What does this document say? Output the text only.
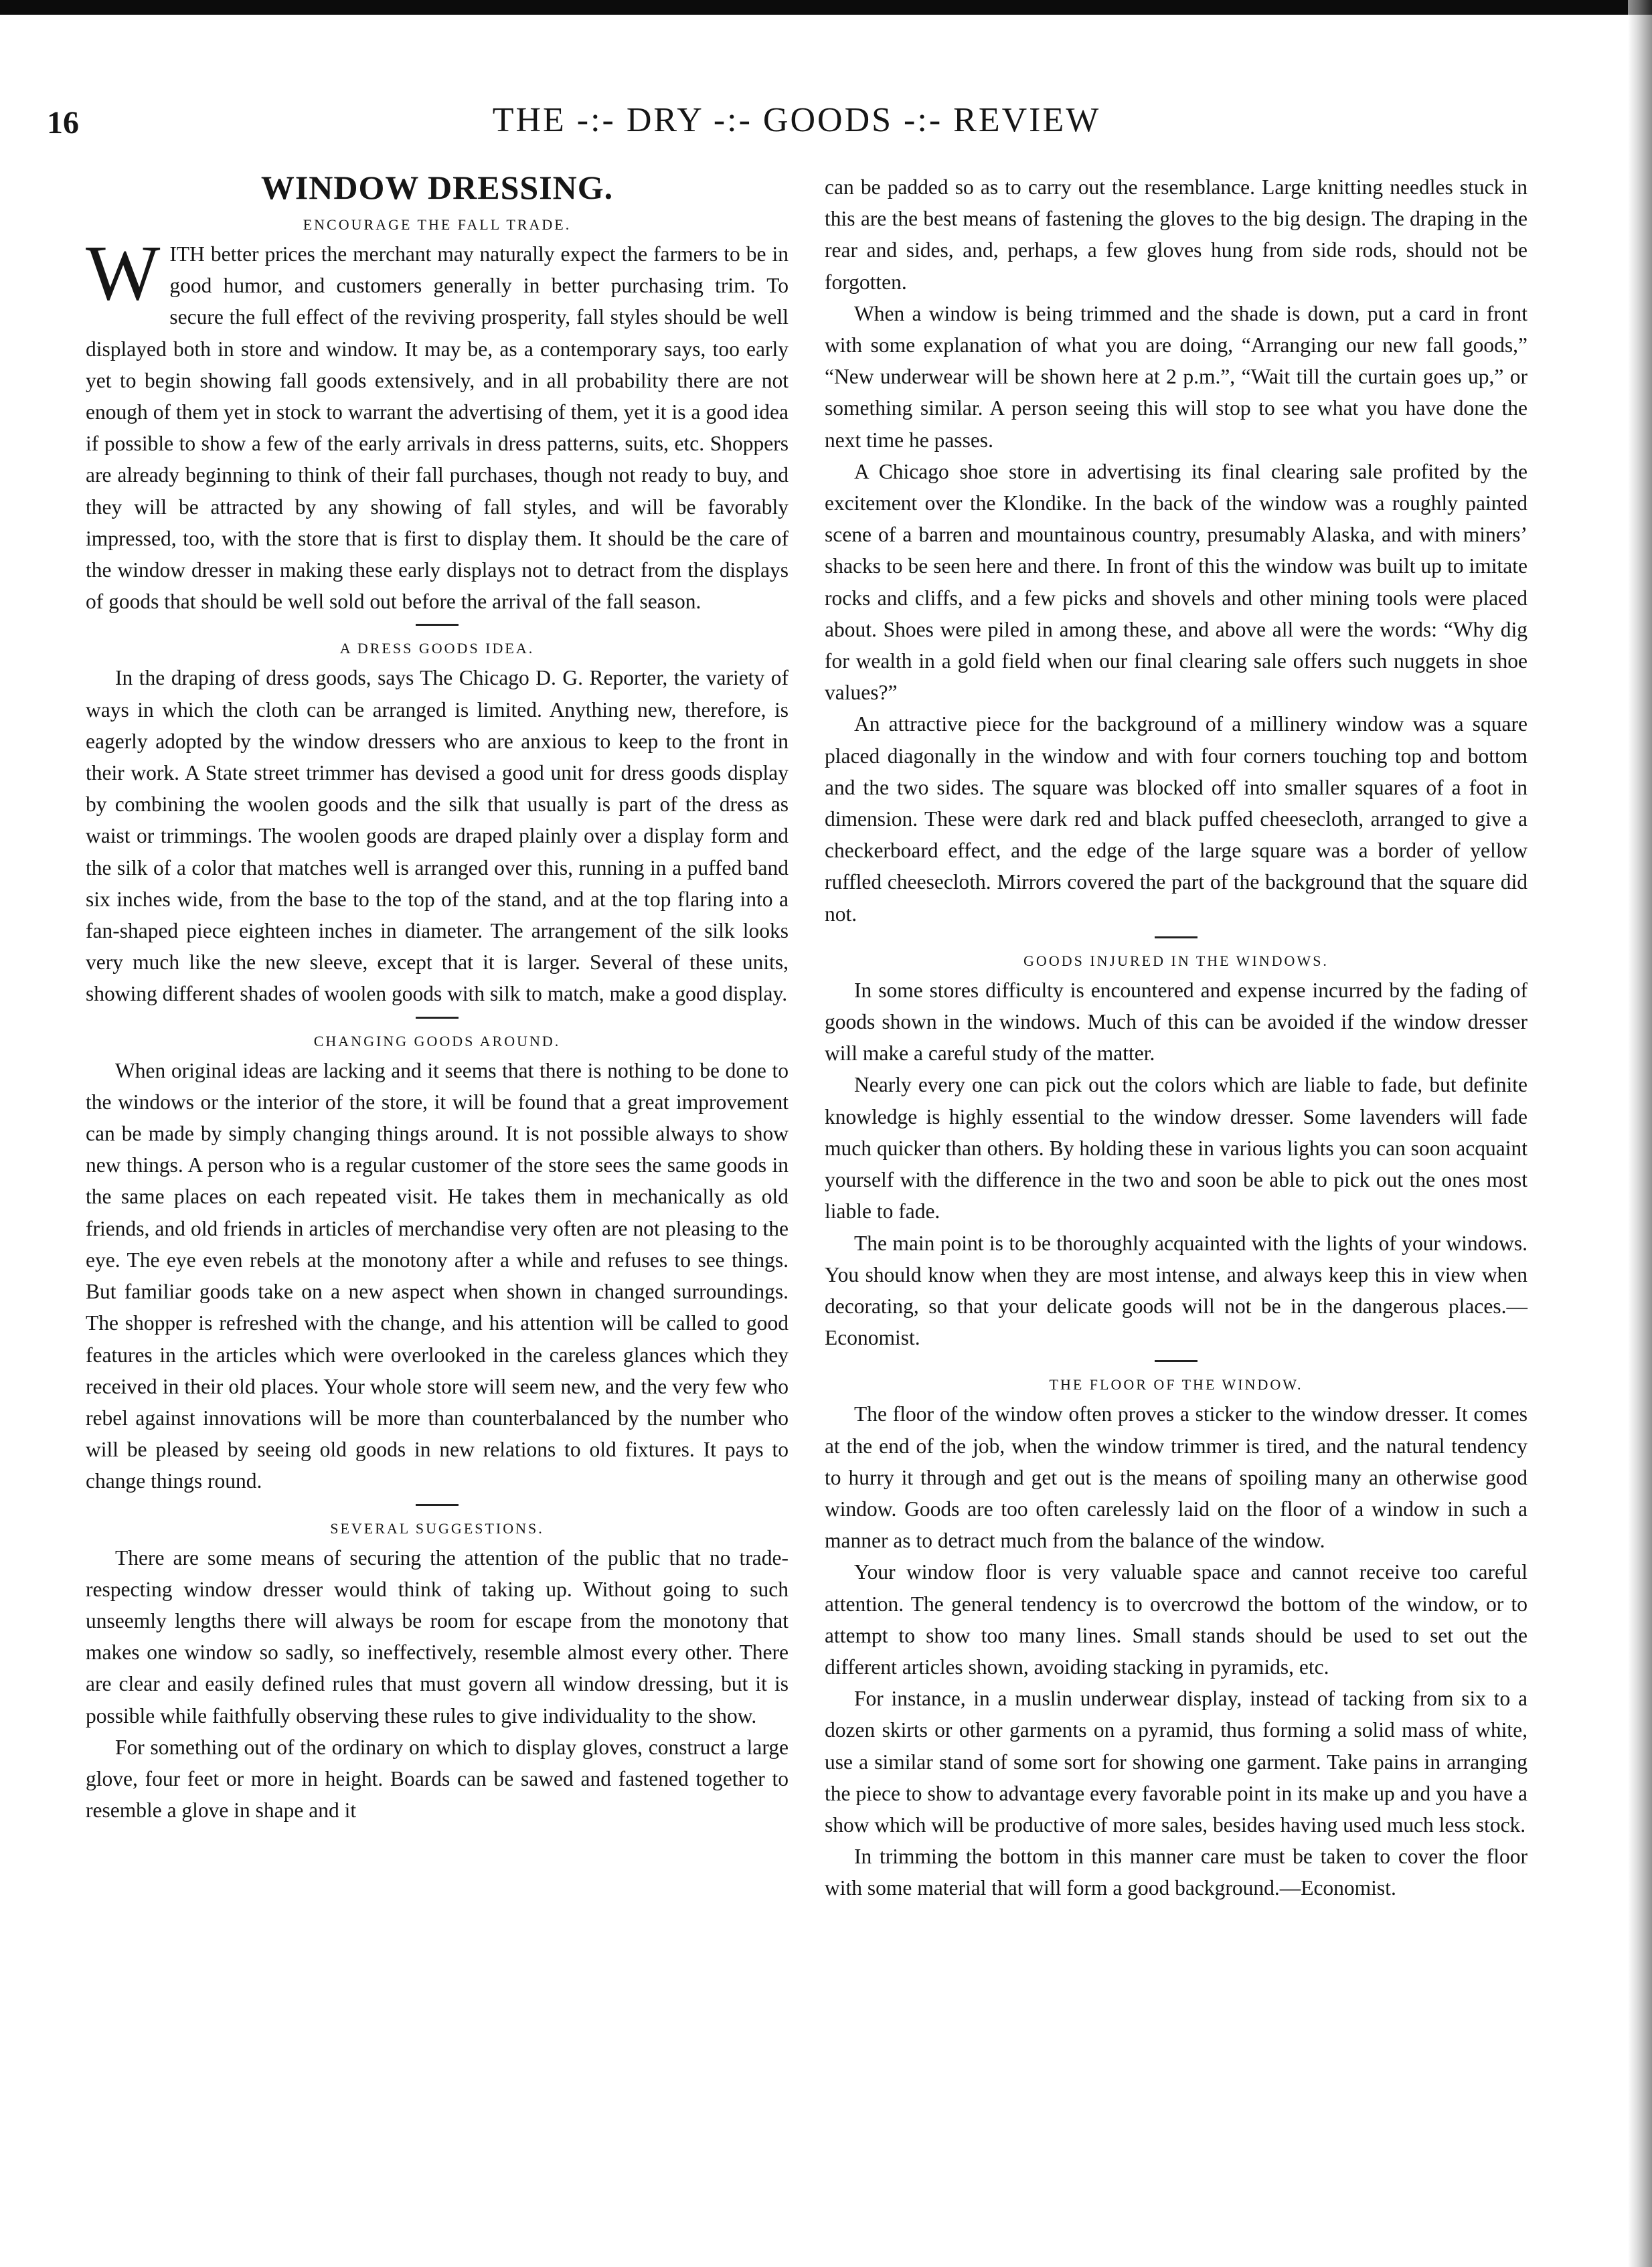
16	THE -:- DRY -:- GOODS -:- REVIEW
WINDOW DRESSING.
ENCOURAGE THE FALL TRADE.

WITH better prices the merchant may naturally expect the farmers to be in good humor, and customers generally in better purchasing trim. To secure the full effect of the reviving prosperity, fall styles should be well displayed both in store and window. It may be, as a contemporary says, too early yet to begin showing fall goods extensively, and in all probability there are not enough of them yet in stock to warrant the advertising of them, yet it is a good idea if possible to show a few of the early arrivals in dress patterns, suits, etc. Shoppers are already beginning to think of their fall purchases, though not ready to buy, and they will be attracted by any showing of fall styles, and will be favorably impressed, too, with the store that is first to display them. It should be the care of the window dresser in making these early displays not to detract from the displays of goods that should be well sold out before the arrival of the fall season.

A DRESS GOODS IDEA.

In the draping of dress goods, says The Chicago D. G. Reporter, the variety of ways in which the cloth can be arranged is limited. Anything new, therefore, is eagerly adopted by the window dressers who are anxious to keep to the front in their work. A State street trimmer has devised a good unit for dress goods display by combining the woolen goods and the silk that usually is part of the dress as waist or trimmings. The woolen goods are draped plainly over a display form and the silk of a color that matches well is arranged over this, running in a puffed band six inches wide, from the base to the top of the stand, and at the top flaring into a fan-shaped piece eighteen inches in diameter. The arrangement of the silk looks very much like the new sleeve, except that it is larger. Several of these units, showing different shades of woolen goods with silk to match, make a good display.

CHANGING GOODS AROUND.

When original ideas are lacking and it seems that there is nothing to be done to the windows or the interior of the store, it will be found that a great improvement can be made by simply changing things around. It is not possible always to show new things. A person who is a regular customer of the store sees the same goods in the same places on each repeated visit. He takes them in mechanically as old friends, and old friends in articles of merchandise very often are not pleasing to the eye. The eye even rebels at the monotony after a while and refuses to see things. But familiar goods take on a new aspect when shown in changed surroundings. The shopper is refreshed with the change, and his attention will be called to good features in the articles which were overlooked in the careless glances which they received in their old places. Your whole store will seem new, and the very few who rebel against innovations will be more than counterbalanced by the number who will be pleased by seeing old goods in new relations to old fixtures. It pays to change things round.

SEVERAL SUGGESTIONS.

There are some means of securing the attention of the public that no trade-respecting window dresser would think of taking up. Without going to such unseemly lengths there will always be room for escape from the monotony that makes one window so sadly, so ineffectively, resemble almost every other. There are clear and easily defined rules that must govern all window dressing, but it is possible while faithfully observing these rules to give individuality to the show.

For something out of the ordinary on which to display gloves, construct a large glove, four feet or more in height. Boards can be sawed and fastened together to resemble a glove in shape and it

can be padded so as to carry out the resemblance. Large knitting needles stuck in this are the best means of fastening the gloves to the big design. The draping in the rear and sides, and, perhaps, a few gloves hung from side rods, should not be forgotten.

When a window is being trimmed and the shade is down, put a card in front with some explanation of what you are doing, “Arranging our new fall goods,” “New underwear will be shown here at 2 p.m.”, “Wait till the curtain goes up,” or something similar. A person seeing this will stop to see what you have done the next time he passes.

A Chicago shoe store in advertising its final clearing sale profited by the excitement over the Klondike. In the back of the window was a roughly painted scene of a barren and mountainous country, presumably Alaska, and with miners’ shacks to be seen here and there. In front of this the window was built up to imitate rocks and cliffs, and a few picks and shovels and other mining tools were placed about. Shoes were piled in among these, and above all were the words: “Why dig for wealth in a gold field when our final clearing sale offers such nuggets in shoe values?”

An attractive piece for the background of a millinery window was a square placed diagonally in the window and with four corners touching top and bottom and the two sides. The square was blocked off into smaller squares of a foot in dimension. These were dark red and black puffed cheesecloth, arranged to give a checkerboard effect, and the edge of the large square was a border of yellow ruffled cheesecloth. Mirrors covered the part of the background that the square did not.

GOODS INJURED IN THE WINDOWS.

In some stores difficulty is encountered and expense incurred by the fading of goods shown in the windows. Much of this can be avoided if the window dresser will make a careful study of the matter.

Nearly every one can pick out the colors which are liable to fade, but definite knowledge is highly essential to the window dresser. Some lavenders will fade much quicker than others. By holding these in various lights you can soon acquaint yourself with the difference in the two and soon be able to pick out the ones most liable to fade.

The main point is to be thoroughly acquainted with the lights of your windows. You should know when they are most intense, and always keep this in view when decorating, so that your delicate goods will not be in the dangerous places.—Economist.

THE FLOOR OF THE WINDOW.

The floor of the window often proves a sticker to the window dresser. It comes at the end of the job, when the window trimmer is tired, and the natural tendency to hurry it through and get out is the means of spoiling many an otherwise good window. Goods are too often carelessly laid on the floor of a window in such a manner as to detract much from the balance of the window.

Your window floor is very valuable space and cannot receive too careful attention. The general tendency is to overcrowd the bottom of the window, or to attempt to show too many lines. Small stands should be used to set out the different articles shown, avoiding stacking in pyramids, etc.

For instance, in a muslin underwear display, instead of tacking from six to a dozen skirts or other garments on a pyramid, thus forming a solid mass of white, use a similar stand of some sort for showing one garment. Take pains in arranging the piece to show to advantage every favorable point in its make up and you have a show which will be productive of more sales, besides having used much less stock.

In trimming the bottom in this manner care must be taken to cover the floor with some material that will form a good background.—Economist.
